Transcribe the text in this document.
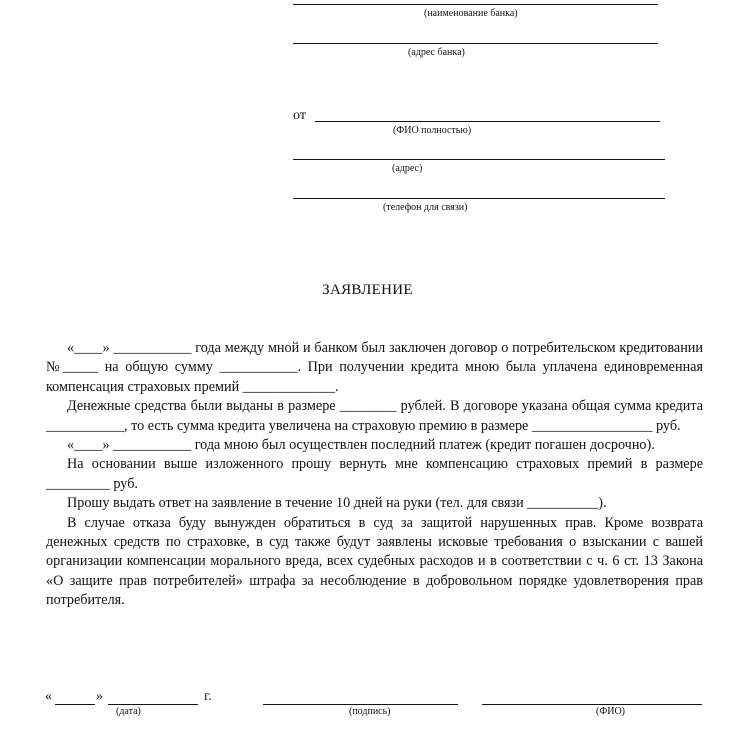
(наименование банка)
(адрес банка)
от
(ФИО полностью)
(адрес)
(телефон для связи)
ЗАЯВЛЕНИЕ

«____» ___________ года между мной и банком был заключен договор о потребительском кредитовании №_____ на общую сумму ___________. При получении кредита мною была уплачена единовременная компенсация страховых премий _____________.

Денежные средства были выданы в размере ________ рублей. В договоре указана общая сумма кредита ___________, то есть сумма кредита увеличена на страховую премию в размере _________________ руб.

«____» ___________ года мною был осуществлен последний платеж (кредит погашен досрочно).

На основании выше изложенного прошу вернуть мне компенсацию страховых премий в размере _________ руб.

Прошу выдать ответ на заявление в течение 10 дней на руки (тел. для связи __________).

В случае отказа буду вынужден обратиться в суд за защитой нарушенных прав. Кроме возврата денежных средств по страховке, в суд также будут заявлены исковые требования о взыскании с вашей организации компенсации морального вреда, всех судебных расходов и в соответствии с ч. 6 ст. 13 Закона «О защите прав потребителей» штрафа за несоблюдение в добровольном порядке удовлетворения прав потребителя.

«	»	г.
(дата)	(подпись)	(ФИО)
